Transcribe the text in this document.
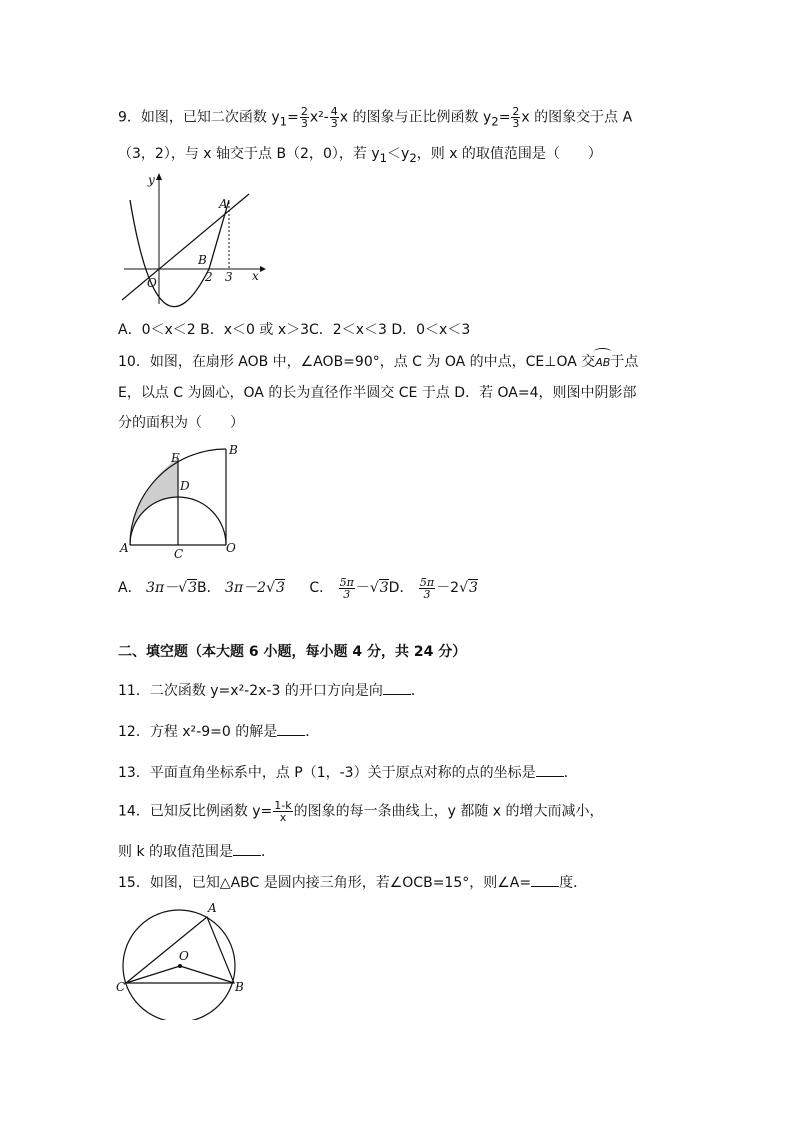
9．如图，已知二次函数 $y_1= \frac{2}{3} x^2- \frac{4}{3}$ x 的图象与正比例函数 $y_2= \frac{2}{3}$ x 的图象交于点 A
（3，2），与 x 轴交于点 B（2，0），若 $y_1<y_2$，则 x 的取值范围是（　　）
y
x
A
B
O	2 3
A．0＜x＜2 B．x＜0 或 x＞3C．2＜x＜3 D．0＜x＜3
10．如图，在扇形 AOB 中，∠AOB=90°，点 C 为 OA 的中点，CE⊥OA 交AB于点
E，以点 C 为圆心，OA 的长为直径作半圆交 CE 于点 D．若 OA=4，则图中阴影部
分的面积为（　　）
E
B
D
A	C	O
A． 3π－√3B． 3π－2√3 C． $\frac{5\pi}{3} -√3D$． $\frac{5\pi}{3} -2√3$
二、填空题（本大题 6 小题，每小题 4 分，共 24 分）
11．二次函数 y=x²-2x-3 的开口方向是向 ．
12．方程 x²-9=0 的解是 ．
13．平面直角坐标系中，点 P（1，-3）关于原点对称的点的坐标是 ．
14．已知反比例函数 $y= \frac{1-k}{x}$ 的图象的每一条曲线上，y 都随 x 的增大而减小，
则 k 的取值范围是 ．
15．如图，已知△ABC 是圆内接三角形，若∠OCB=15°，则∠A= 度．
A
O
C	B
